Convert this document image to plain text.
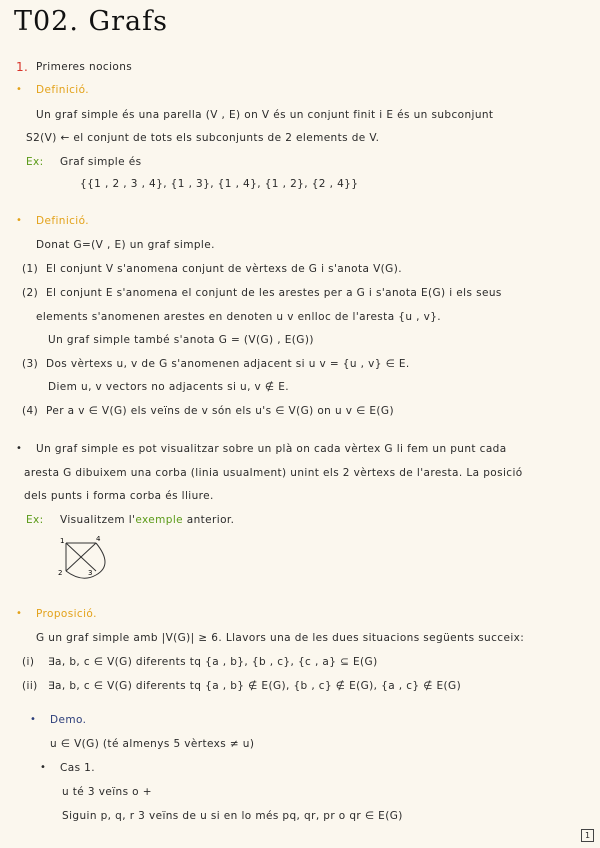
T02. Grafs
1. Primeres nocions
• Definició.
Un graf simple és una parella (V , E) on V és un conjunt finit i E és un subconjunt
S2(V) ← el conjunt de tots els subconjunts de 2 elements de V.
Ex: Graf simple és
{{1 , 2 , 3 , 4}, {1 , 3}, {1 , 4}, {1 , 2}, {2 , 4}}
• Definició.
Donat G=(V , E) un graf simple.
(1) El conjunt V s'anomena conjunt de vèrtexs de G i s'anota V(G).
(2) El conjunt E s'anomena el conjunt de les arestes per a G i s'anota E(G) i els seus
elements s'anomenen arestes en denoten u v enlloc de l'aresta {u , v}.
Un graf simple també s'anota G = (V(G) , E(G))
(3) Dos vèrtexs u, v de G s'anomenen adjacent si u v = {u , v} ∈ E.
Diem u, v vectors no adjacents si u, v ∉ E.
(4) Per a v ∈ V(G) els veïns de v són els u's ∈ V(G) on u v ∈ E(G)
• Un graf simple es pot visualitzar sobre un plà on cada vèrtex G li fem un punt cada
aresta G dibuixem una corba (linia usualment) unint els 2 vèrtexs de l'aresta. La posició
dels punts i forma corba és lliure.
Ex: Visualitzem l'exemple anterior.
1	4
2	3
• Proposició.
G un graf simple amb |V(G)| ≥ 6. Llavors una de les dues situacions següents succeix:
(i) ∃a, b, c ∈ V(G) diferents tq {a , b}, {b , c}, {c , a} ⊆ E(G)
(ii) ∃a, b, c ∈ V(G) diferents tq {a , b} ∉ E(G), {b , c} ∉ E(G), {a , c} ∉ E(G)
• Demo.
u ∈ V(G) (té almenys 5 vèrtexs ≠ u)
• Cas 1.
u té 3 veïns o +
Siguin p, q, r 3 veïns de u si en lo més pq, qr, pr o qr ∈ E(G)
1
